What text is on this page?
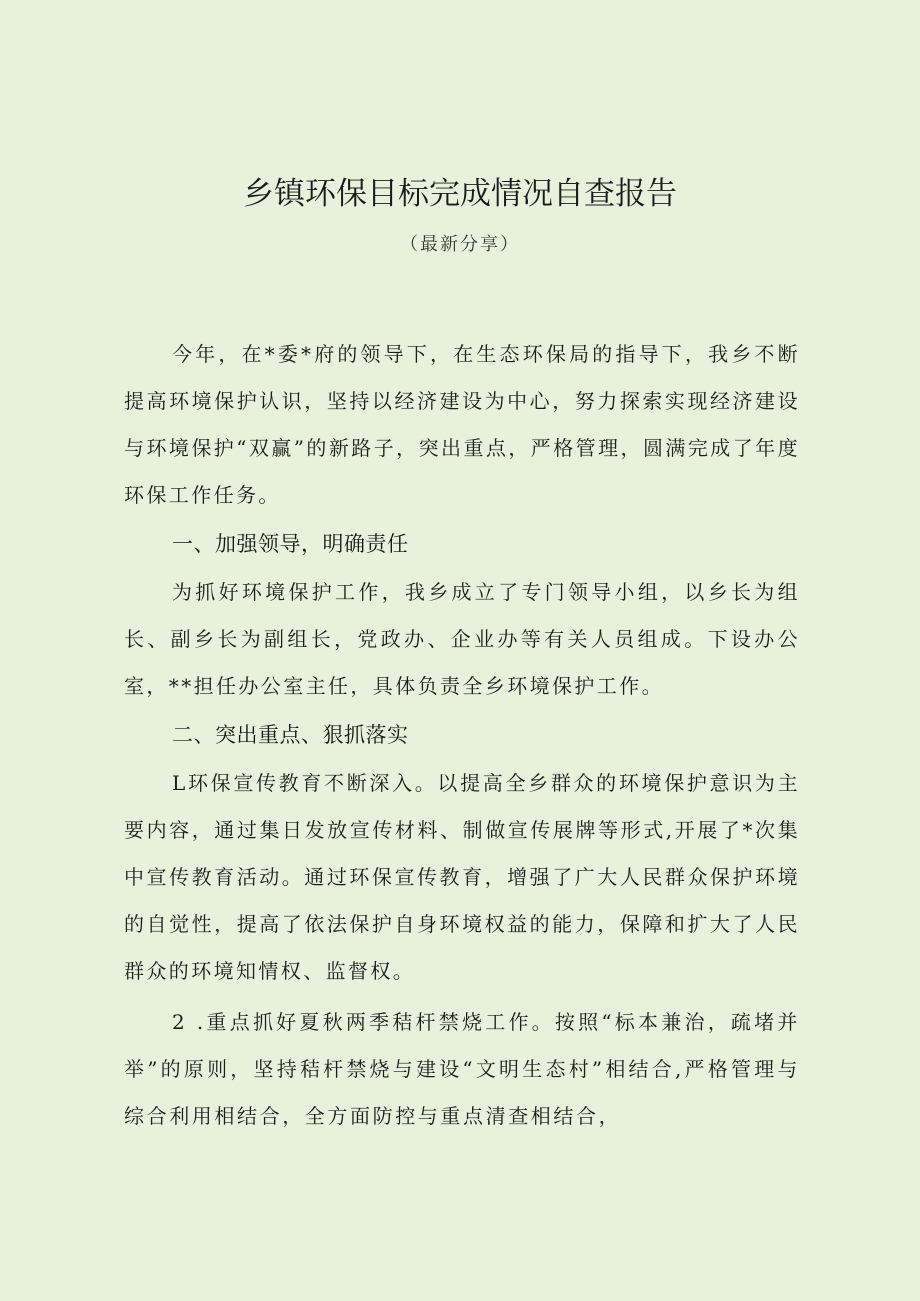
乡镇环保目标完成情况自查报告
（最新分享）

今年，在*委*府的领导下，在生态环保局的指导下，我乡不断提高环境保护认识，坚持以经济建设为中心，努力探索实现经济建设与环境保护“双赢”的新路子，突出重点，严格管理，圆满完成了年度环保工作任务。

一、加强领导，明确责任

为抓好环境保护工作，我乡成立了专门领导小组，以乡长为组长、副乡长为副组长，党政办、企业办等有关人员组成。下设办公室，**担任办公室主任，具体负责全乡环境保护工作。

二、突出重点、狠抓落实

L环保宣传教育不断深入。以提高全乡群众的环境保护意识为主要内容，通过集日发放宣传材料、制做宣传展牌等形式,开展了*次集中宣传教育活动。通过环保宣传教育，增强了广大人民群众保护环境的自觉性，提高了依法保护自身环境权益的能力，保障和扩大了人民群众的环境知情权、监督权。

2 .重点抓好夏秋两季秸杆禁烧工作。按照“标本兼治，疏堵并举”的原则，坚持秸杆禁烧与建设“文明生态村”相结合,严格管理与综合利用相结合，全方面防控与重点清查相结合，
